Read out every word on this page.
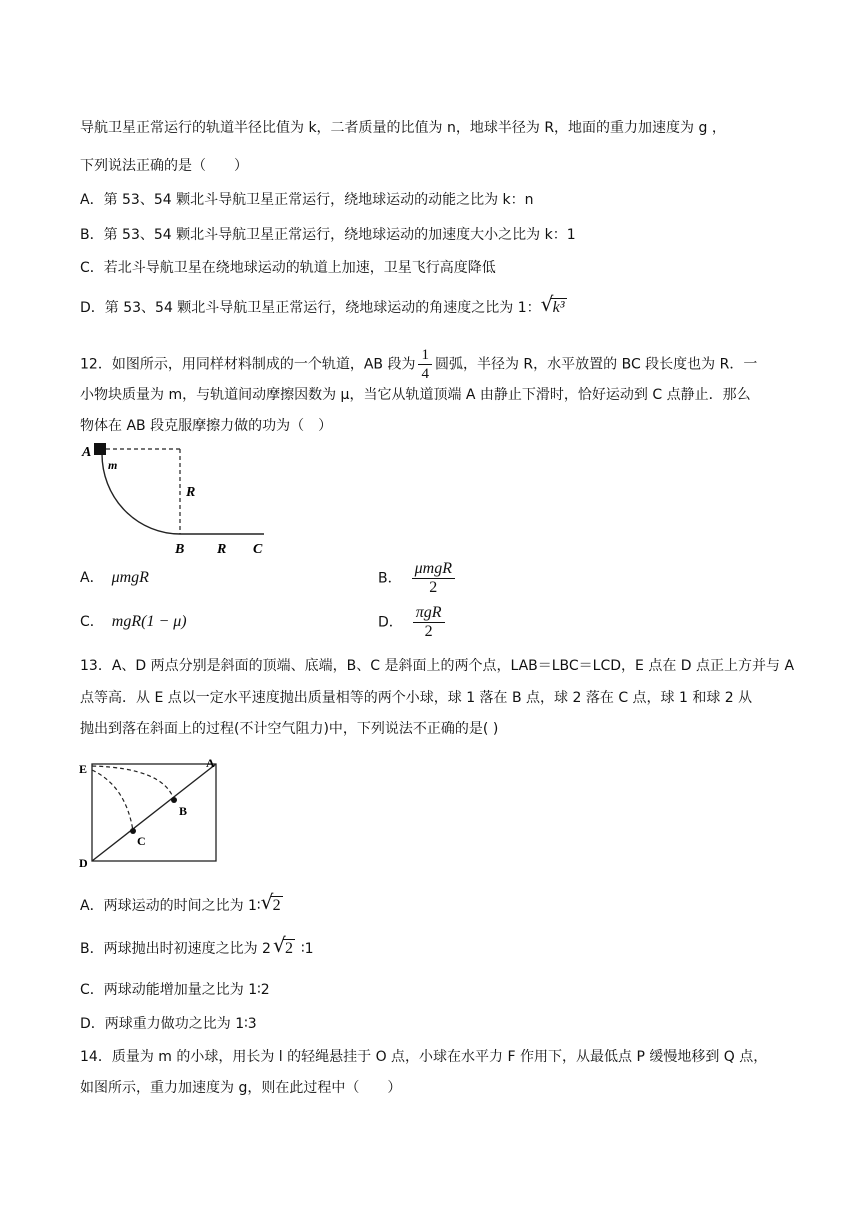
导航卫星正常运行的轨道半径比值为 k，二者质量的比值为 n，地球半径为 R，地面的重力加速度为 g ，
下列说法正确的是（　　）
A．第 53、54 颗北斗导航卫星正常运行，绕地球运动的动能之比为 k：n
B．第 53、54 颗北斗导航卫星正常运行，绕地球运动的加速度大小之比为 k：1
C．若北斗导航卫星在绕地球运动的轨道上加速，卫星飞行高度降低
D．第 53、54 颗北斗导航卫星正常运行，绕地球运动的角速度之比为 1： √ k³
12．如图所示，用同样材料制成的一个轨道，AB 段为 $\frac{1}{4}$ 圆弧，半径为 R，水平放置的 BC 段长度也为 R．一
小物块质量为 m，与轨道间动摩擦因数为 μ，当它从轨道顶端 A 由静止下滑时，恰好运动到 C 点静止．那么
物体在 AB 段克服摩擦力做的功为（　）
A
m
R
B R C
A． μmgR	B． $\frac{\text{μmgR}}{2}$
C． mgR(1 − μ)	D． $\frac{\text{πgR}}{2}$
13．A、D 两点分别是斜面的顶端、底端，B、C 是斜面上的两个点，LAB＝LBC＝LCD，E 点在 D 点正上方并与 A
点等高．从 E 点以一定水平速度抛出质量相等的两个小球，球 1 落在 B 点，球 2 落在 C 点，球 1 和球 2 从
抛出到落在斜面上的过程(不计空气阻力)中，下列说法不正确的是( )
E	A
B
C
D
A．两球运动的时间之比为 1∶ √ 2
B．两球抛出时初速度之比为 2 √ 2 ∶1
C．两球动能增加量之比为 1∶2
D．两球重力做功之比为 1∶3
14．质量为 m 的小球，用长为 l 的轻绳悬挂于 O 点，小球在水平力 F 作用下，从最低点 P 缓慢地移到 Q 点，
如图所示，重力加速度为 g，则在此过程中（　　）
